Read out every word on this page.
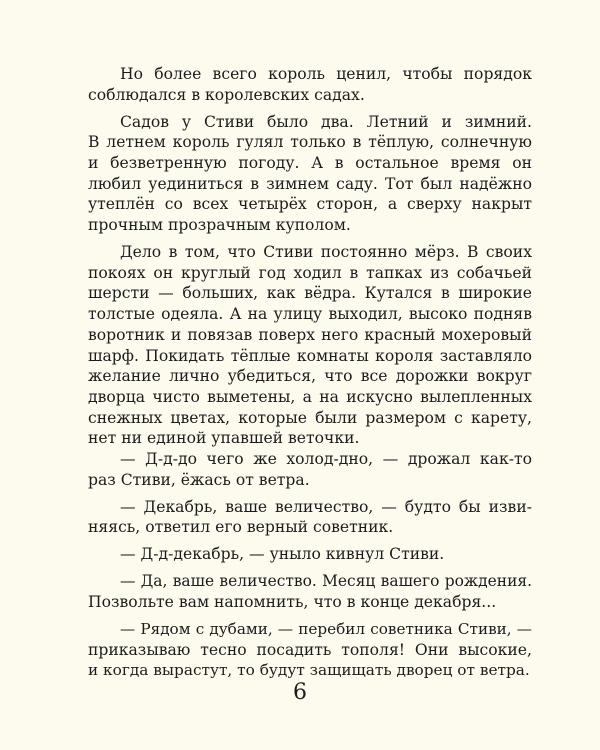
Но более всего король ценил, чтобы порядок
соблюдался в королевских садах.

Садов у Стиви было два. Летний и зимний.
В летнем король гулял только в тёплую, солнечную
и безветренную погоду. А в остальное время он
любил уединиться в зимнем саду. Тот был надёжно
утеплён со всех четырёх сторон, а сверху накрыт
прочным прозрачным куполом.

Дело в том, что Стиви постоянно мёрз. В своих
покоях он круглый год ходил в тапках из собачьей
шерсти — больших, как вёдра. Кутался в широкие
толстые одеяла. А на улицу выходил, высоко подняв
воротник и повязав поверх него красный мохеровый
шарф. Покидать тёплые комнаты короля заставляло
желание лично убедиться, что все дорожки вокруг
дворца чисто выметены, а на искусно вылепленных
снежных цветах, которые были размером с карету,
нет ни единой упавшей веточки.

— Д-д-до чего же холод-дно, — дрожал как-то
раз Стиви, ёжась от ветра.

— Декабрь, ваше величество, — будто бы изви-
няясь, ответил его верный советник.

— Д-д-декабрь, — уныло кивнул Стиви.

— Да, ваше величество. Месяц вашего рождения.
Позвольте вам напомнить, что в конце декабря...

— Рядом с дубами, — перебил советника Стиви, —
приказываю тесно посадить тополя! Они высокие,
и когда вырастут, то будут защищать дворец от ветра.

6
